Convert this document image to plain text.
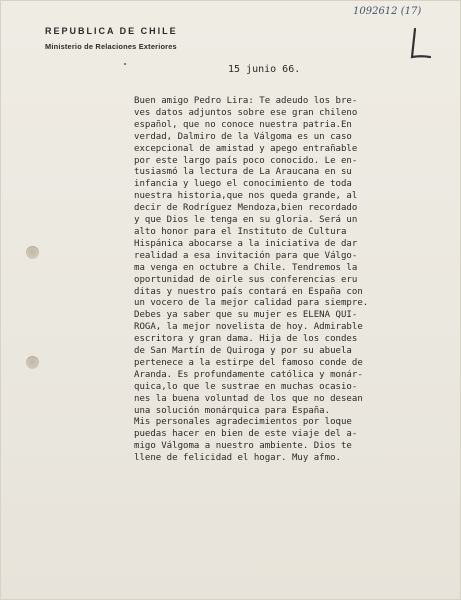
REPUBLICA DE CHILE
Ministerio de Relaciones Exteriores
1092612 (17)
15 junio 66.
Buen amigo Pedro Lira: Te adeudo los bre-
ves datos adjuntos sobre ese gran chileno
español, que no conoce nuestra patria.En
verdad, Dalmiro de la Válgoma es un caso
excepcional de amistad y apego entrañable
por este largo país poco conocido. Le en-
tusiasmó la lectura de La Araucana en su
infancia y luego el conocimiento de toda
nuestra historia,que nos queda grande, al
decir de Rodríguez Mendoza,bien recordado
y que Dios le tenga en su gloria. Será un
alto honor para el Instituto de Cultura
Hispánica abocarse a la iniciativa de dar
realidad a esa invitación para que Válgo-
ma venga en octubre a Chile. Tendremos la
oportunidad de oirle sus conferencias eru
ditas y nuestro país contará en España con
un vocero de la mejor calidad para siempre.
Debes ya saber que su mujer es ELENA QUI-
ROGA, la mejor novelista de hoy. Admirable
escritora y gran dama. Hija de los condes
de San Martín de Quiroga y por su abuela
pertenece a la estirpe del famoso conde de
Aranda. Es profundamente católica y monár-
quica,lo que le sustrae en muchas ocasio-
nes la buena voluntad de los que no desean
una solución monárquica para España.
Mis personales agradecimientos por loque
puedas hacer en bien de este viaje del a-
migo Válgoma a nuestro ambiente. Dios te
llene de felicidad el hogar. Muy afmo.
